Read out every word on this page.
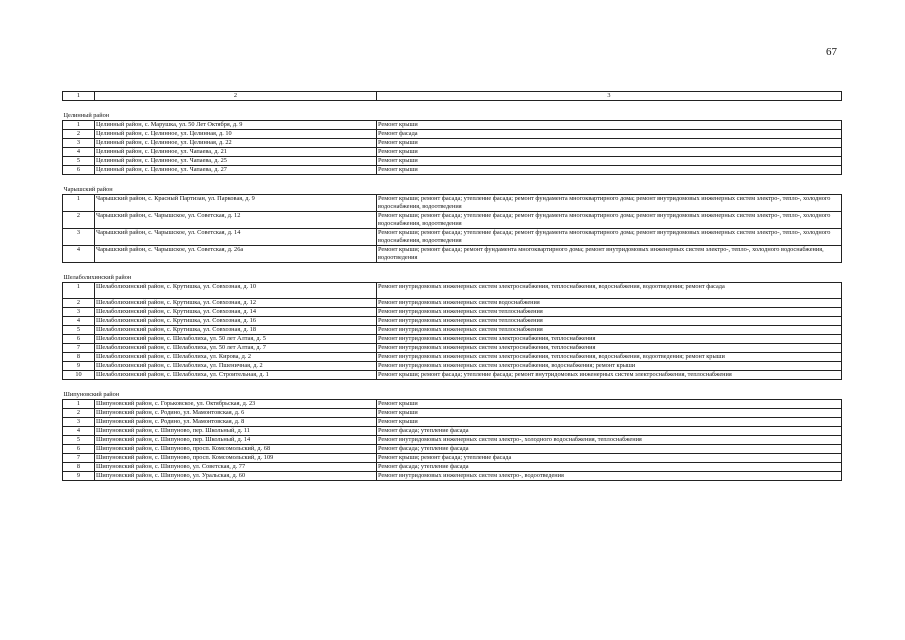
67
1	2	3
Целинный район		
1	Целинный район, с. Марушка, ул. 50 Лет Октября, д. 9	Ремонт крыши
2	Целинный район, с. Целинное, ул. Целинная, д. 10	Ремонт фасада
3	Целинный район, с. Целинное, ул. Целинная, д. 22	Ремонт крыши
4	Целинный район, с. Целинное, ул. Чапаева, д. 21	Ремонт крыши
5	Целинный район, с. Целинное, ул. Чапаева, д. 25	Ремонт крыши
6	Целинный район, с. Целинное, ул. Чапаева, д. 27	Ремонт крыши
Чарышский район		
1	Чарышский район, с. Красный Партизан, ул. Парковая, д. 9	Ремонт крыши; ремонт фасада; утепление фасада; ремонт фундамента многоквартирного дома; ремонт внутридомовых инженерных систем электро-, тепло-, холодного водоснабжения, водоотведения
2	Чарышский район, с. Чарышское, ул. Советская, д. 12	Ремонт крыши; ремонт фасада; утепление фасада; ремонт фундамента многоквартирного дома; ремонт внутридомовых инженерных систем электро-, тепло-, холодного водоснабжения, водоотведения
3	Чарышский район, с. Чарышское, ул. Советская, д. 14	Ремонт крыши; ремонт фасада; утепление фасада; ремонт фундамента многоквартирного дома; ремонт внутридомовых инженерных систем электро-, тепло-, холодного водоснабжения, водоотведения
4	Чарышский район, с. Чарышское, ул. Советская, д. 26а	Ремонт крыши; ремонт фасада; ремонт фундамента многоквартирного дома; ремонт внутридомовых инженерных систем электро-, тепло-, холодного водоснабжения, водоотведения
Шелаболихинский район		
1	Шелаболихинский район, с. Крутишка, ул. Совхозная, д. 10	Ремонт внутридомовых инженерных систем электроснабжения, теплоснабжения, водоснабжения, водоотведения; ремонт фасада
2	Шелаболихинский район, с. Крутишка, ул. Совхозная, д. 12	Ремонт внутридомовых инженерных систем водоснабжения
3	Шелаболихинский район, с. Крутишка, ул. Совхозная, д. 14	Ремонт внутридомовых инженерных систем теплоснабжения
4	Шелаболихинский район, с. Крутишка, ул. Совхозная, д. 16	Ремонт внутридомовых инженерных систем теплоснабжения
5	Шелаболихинский район, с. Крутишка, ул. Совхозная, д. 18	Ремонт внутридомовых инженерных систем теплоснабжения
6	Шелаболихинский район, с. Шелаболиха, ул. 50 лет Алтая, д. 5	Ремонт внутридомовых инженерных систем электроснабжения, теплоснабжения
7	Шелаболихинский район, с. Шелаболиха, ул. 50 лет Алтая, д. 7	Ремонт внутридомовых инженерных систем электроснабжения, теплоснабжения
8	Шелаболихинский район, с. Шелаболиха, ул. Кирова, д. 2	Ремонт внутридомовых инженерных систем электроснабжения, теплоснабжения, водоснабжения, водоотведения; ремонт крыши
9	Шелаболихинский район, с. Шелаболиха, ул. Пшеничная, д. 2	Ремонт внутридомовых инженерных систем электроснабжения, водоснабжения; ремонт крыши
10	Шелаболихинский район, с. Шелаболиха, ул. Строительная, д. 1	Ремонт крыши; ремонт фасада; утепление фасада; ремонт внутридомовых инженерных систем электроснабжения, теплоснабжения
Шипуновский район		
1	Шипуновский район, с. Горьковское, ул. Октябрьская, д. 23	Ремонт крыши
2	Шипуновский район, с. Родино, ул. Мамонтовская, д. 6	Ремонт крыши
3	Шипуновский район, с. Родино, ул. Мамонтовская, д. 8	Ремонт крыши
4	Шипуновский район, с. Шипуново, пер. Школьный, д. 11	Ремонт фасада; утепление фасада
5	Шипуновский район, с. Шипуново, пер. Школьный, д. 14	Ремонт внутридомовых инженерных систем электро-, холодного водоснабжения, теплоснабжения
6	Шипуновский район, с. Шипуново, просп. Комсомольский, д. 68	Ремонт фасада; утепление фасада
7	Шипуновский район, с. Шипуново, просп. Комсомольский, д. 109	Ремонт крыши; ремонт фасада; утепление фасада
8	Шипуновский район, с. Шипуново, ул. Советская, д. 77	Ремонт фасада; утепление фасада
9	Шипуновский район, с. Шипуново, ул. Уральская, д. 60	Ремонт внутридомовых инженерных систем электро-, водоотведения
